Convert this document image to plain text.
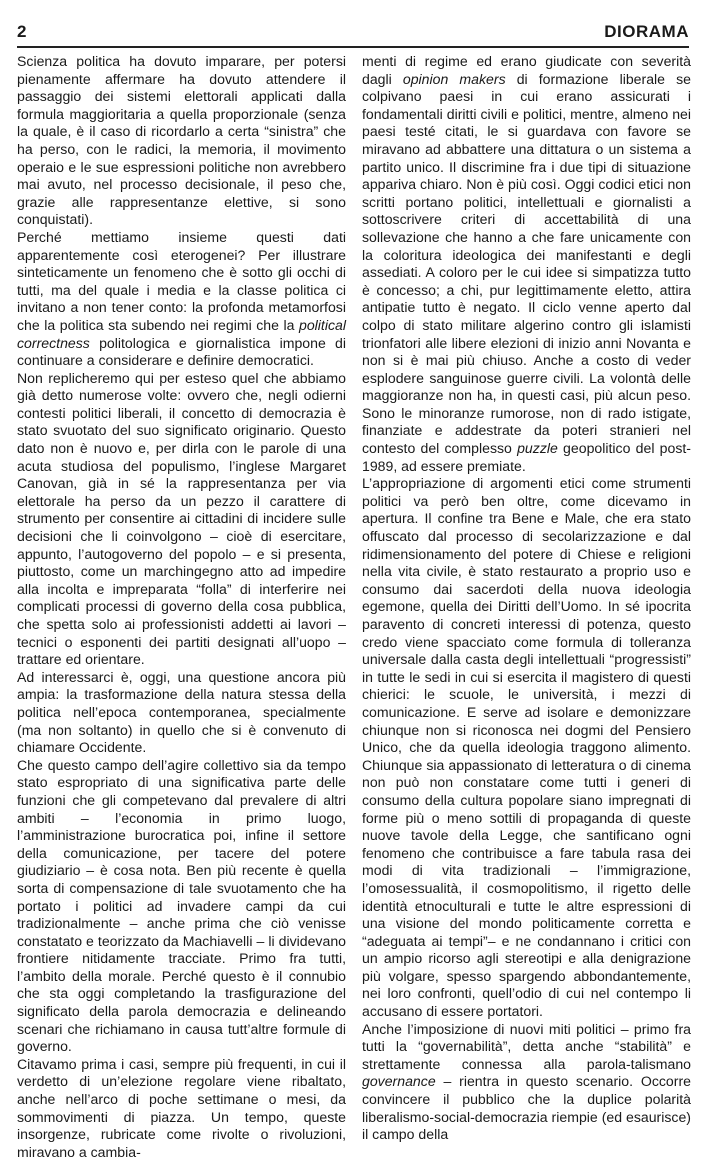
2	DIORAMA

Scienza politica ha dovuto imparare, per potersi pienamente affermare ha dovuto attendere il passaggio dei sistemi elettorali applicati dalla formula maggioritaria a quella proporzionale (senza la quale, è il caso di ricordarlo a certa “sinistra” che ha perso, con le radici, la memoria, il movimento operaio e le sue espressioni politiche non avrebbero mai avuto, nel processo decisionale, il peso che, grazie alle rappresentanze elettive, si sono conquistati).

Perché mettiamo insieme questi dati apparentemente così eterogenei? Per illustrare sinteticamente un fenomeno che è sotto gli occhi di tutti, ma del quale i media e la classe politica ci invitano a non tener conto: la profonda metamorfosi che la politica sta subendo nei regimi che la political correctness politologica e giornalistica impone di continuare a considerare e definire democratici.

Non replicheremo qui per esteso quel che abbiamo già detto numerose volte: ovvero che, negli odierni contesti politici liberali, il concetto di democrazia è stato svuotato del suo significato originario. Questo dato non è nuovo e, per dirla con le parole di una acuta studiosa del populismo, l’inglese Margaret Canovan, già in sé la rappresentanza per via elettorale ha perso da un pezzo il carattere di strumento per consentire ai cittadini di incidere sulle decisioni che li coinvolgono – cioè di esercitare, appunto, l’autogoverno del popolo – e si presenta, piuttosto, come un marchingegno atto ad impedire alla incolta e impreparata “folla” di interferire nei complicati processi di governo della cosa pubblica, che spetta solo ai professionisti addetti ai lavori – tecnici o esponenti dei partiti designati all’uopo – trattare ed orientare.

Ad interessarci è, oggi, una questione ancora più ampia: la trasformazione della natura stessa della politica nell’epoca contemporanea, specialmente (ma non soltanto) in quello che si è convenuto di chiamare Occidente.

Che questo campo dell’agire collettivo sia da tempo stato espropriato di una significativa parte delle funzioni che gli competevano dal prevalere di altri ambiti – l’economia in primo luogo, l’amministrazione burocratica poi, infine il settore della comunicazione, per tacere del potere giudiziario – è cosa nota. Ben più recente è quella sorta di compensazione di tale svuotamento che ha portato i politici ad invadere campi da cui tradizionalmente – anche prima che ciò venisse constatato e teorizzato da Machiavelli – li dividevano frontiere nitidamente tracciate. Primo fra tutti, l’ambito della morale. Perché questo è il connubio che sta oggi completando la trasfigurazione del significato della parola democrazia e delineando scenari che richiamano in causa tutt’altre formule di governo.

Citavamo prima i casi, sempre più frequenti, in cui il verdetto di un’elezione regolare viene ribaltato, anche nell’arco di poche settimane o mesi, da sommovimenti di piazza. Un tempo, queste insorgenze, rubricate come rivolte o rivoluzioni, miravano a cambia-

menti di regime ed erano giudicate con severità dagli opinion makers di formazione liberale se colpivano paesi in cui erano assicurati i fondamentali diritti civili e politici, mentre, almeno nei paesi testé citati, le si guardava con favore se miravano ad abbattere una dittatura o un sistema a partito unico. Il discrimine fra i due tipi di situazione appariva chiaro. Non è più così. Oggi codici etici non scritti portano politici, intellettuali e giornalisti a sottoscrivere criteri di accettabilità di una sollevazione che hanno a che fare unicamente con la coloritura ideologica dei manifestanti e degli assediati. A coloro per le cui idee si simpatizza tutto è concesso; a chi, pur legittimamente eletto, attira antipatie tutto è negato. Il ciclo venne aperto dal colpo di stato militare algerino contro gli islamisti trionfatori alle libere elezioni di inizio anni Novanta e non si è mai più chiuso. Anche a costo di veder esplodere sanguinose guerre civili. La volontà delle maggioranze non ha, in questi casi, più alcun peso. Sono le minoranze rumorose, non di rado istigate, finanziate e addestrate da poteri stranieri nel contesto del complesso puzzle geopolitico del post-1989, ad essere premiate.

L’appropriazione di argomenti etici come strumenti politici va però ben oltre, come dicevamo in apertura. Il confine tra Bene e Male, che era stato offuscato dal processo di secolarizzazione e dal ridimensionamento del potere di Chiese e religioni nella vita civile, è stato restaurato a proprio uso e consumo dai sacerdoti della nuova ideologia egemone, quella dei Diritti dell’Uomo. In sé ipocrita paravento di concreti interessi di potenza, questo credo viene spacciato come formula di tolleranza universale dalla casta degli intellettuali “progressisti” in tutte le sedi in cui si esercita il magistero di questi chierici: le scuole, le università, i mezzi di comunicazione. E serve ad isolare e demonizzare chiunque non si riconosca nei dogmi del Pensiero Unico, che da quella ideologia traggono alimento. Chiunque sia appassionato di letteratura o di cinema non può non constatare come tutti i generi di consumo della cultura popolare siano impregnati di forme più o meno sottili di propaganda di queste nuove tavole della Legge, che santificano ogni fenomeno che contribuisce a fare tabula rasa dei modi di vita tradizionali – l’immigrazione, l’omosessualità, il cosmopolitismo, il rigetto delle identità etnoculturali e tutte le altre espressioni di una visione del mondo politicamente corretta e “adeguata ai tempi”– e ne condannano i critici con un ampio ricorso agli stereotipi e alla denigrazione più volgare, spesso spargendo abbondantemente, nei loro confronti, quell’odio di cui nel contempo li accusano di essere portatori.

Anche l’imposizione di nuovi miti politici – primo fra tutti la “governabilità”, detta anche “stabilità” e strettamente connessa alla parola-talismano governance – rientra in questo scenario. Occorre convincere il pubblico che la duplice polarità liberalismo-social-democrazia riempie (ed esaurisce) il campo della
